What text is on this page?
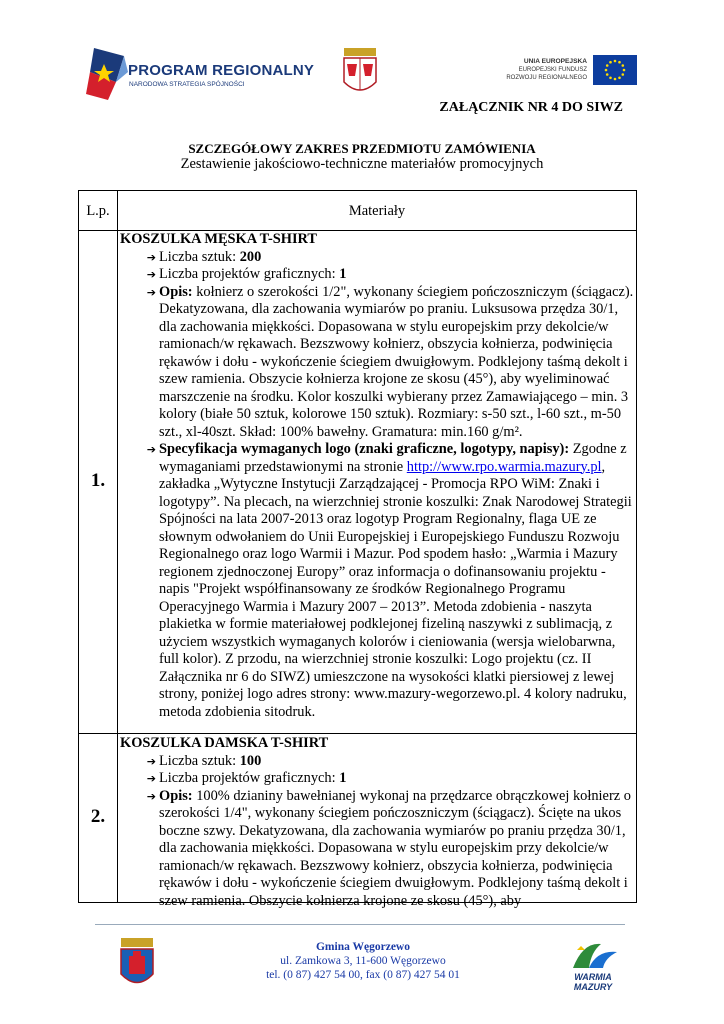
PROGRAM REGIONALNY
NARODOWA STRATEGIA SPÓJNOŚCI
UNIA EUROPEJSKA
EUROPEJSKI FUNDUSZ
ROZWOJU REGIONALNEGO
ZAŁĄCZNIK NR 4 DO SIWZ
SZCZEGÓŁOWY ZAKRES PRZEDMIOTU ZAMÓWIENIA
Zestawienie jakościowo-techniczne materiałów promocyjnych
L.p.	Materiały
1.
KOSZULKA MĘSKA T-SHIRT
➔ Liczba sztuk: 200
➔ Liczba projektów graficznych: 1
➔ Opis: kołnierz o szerokości 1/2", wykonany ściegiem pończoszniczym (ściągacz). Dekatyzowana, dla zachowania wymiarów po praniu. Luksusowa przędza 30/1, dla zachowania miękkości. Dopasowana w stylu europejskim przy dekolcie/w ramionach/w rękawach. Bezszwowy kołnierz, obszycia kołnierza, podwinięcia rękawów i dołu - wykończenie ściegiem dwuigłowym. Podklejony taśmą dekolt i szew ramienia. Obszycie kołnierza krojone ze skosu (45°), aby wyeliminować marszczenie na środku. Kolor koszulki wybierany przez Zamawiającego – min. 3 kolory (białe 50 sztuk, kolorowe 150 sztuk). Rozmiary: s-50 szt., l-60 szt., m-50 szt., xl-40szt. Skład: 100% bawełny. Gramatura: min.160 g/m².
➔ Specyfikacja wymaganych logo (znaki graficzne, logotypy, napisy): Zgodne z wymaganiami przedstawionymi na stronie http://www.rpo.warmia.mazury.pl, zakładka „Wytyczne Instytucji Zarządzającej - Promocja RPO WiM: Znaki i logotypy”. Na plecach, na wierzchniej stronie koszulki: Znak Narodowej Strategii Spójności na lata 2007-2013 oraz logotyp Program Regionalny, flaga UE ze słownym odwołaniem do Unii Europejskiej i Europejskiego Funduszu Rozwoju Regionalnego oraz logo Warmii i Mazur. Pod spodem hasło: „Warmia i Mazury regionem zjednoczonej Europy” oraz informacja o dofinansowaniu projektu - napis "Projekt współfinansowany ze środków Regionalnego Programu Operacyjnego Warmia i Mazury 2007 – 2013”. Metoda zdobienia - naszyta plakietka w formie materiałowej podklejonej fizeliną naszywki z sublimacją, z użyciem wszystkich wymaganych kolorów i cieniowania (wersja wielobarwna, full kolor). Z przodu, na wierzchniej stronie koszulki: Logo projektu (cz. II Załącznika nr 6 do SIWZ) umieszczone na wysokości klatki piersiowej z lewej strony, poniżej logo adres strony: www.mazury-wegorzewo.pl. 4 kolory nadruku, metoda zdobienia sitodruk.
2.
KOSZULKA DAMSKA T-SHIRT
➔ Liczba sztuk: 100
➔ Liczba projektów graficznych: 1
➔ Opis: 100% dzianiny bawełnianej wykonaj na przędzarce obrączkowej kołnierz o szerokości 1/4", wykonany ściegiem pończoszniczym (ściągacz). Ścięte na ukos boczne szwy. Dekatyzowana, dla zachowania wymiarów po praniu przędza 30/1, dla zachowania miękkości. Dopasowana w stylu europejskim przy dekolcie/w ramionach/w rękawach. Bezszwowy kołnierz, obszycia kołnierza, podwinięcia rękawów i dołu - wykończenie ściegiem dwuigłowym. Podklejony taśmą dekolt i szew ramienia. Obszycie kołnierza krojone ze skosu (45°), aby
Gmina Węgorzewo
ul. Zamkowa 3, 11-600 Węgorzewo
tel. (0 87) 427 54 00, fax (0 87) 427 54 01	WARMIA
MAZURY
